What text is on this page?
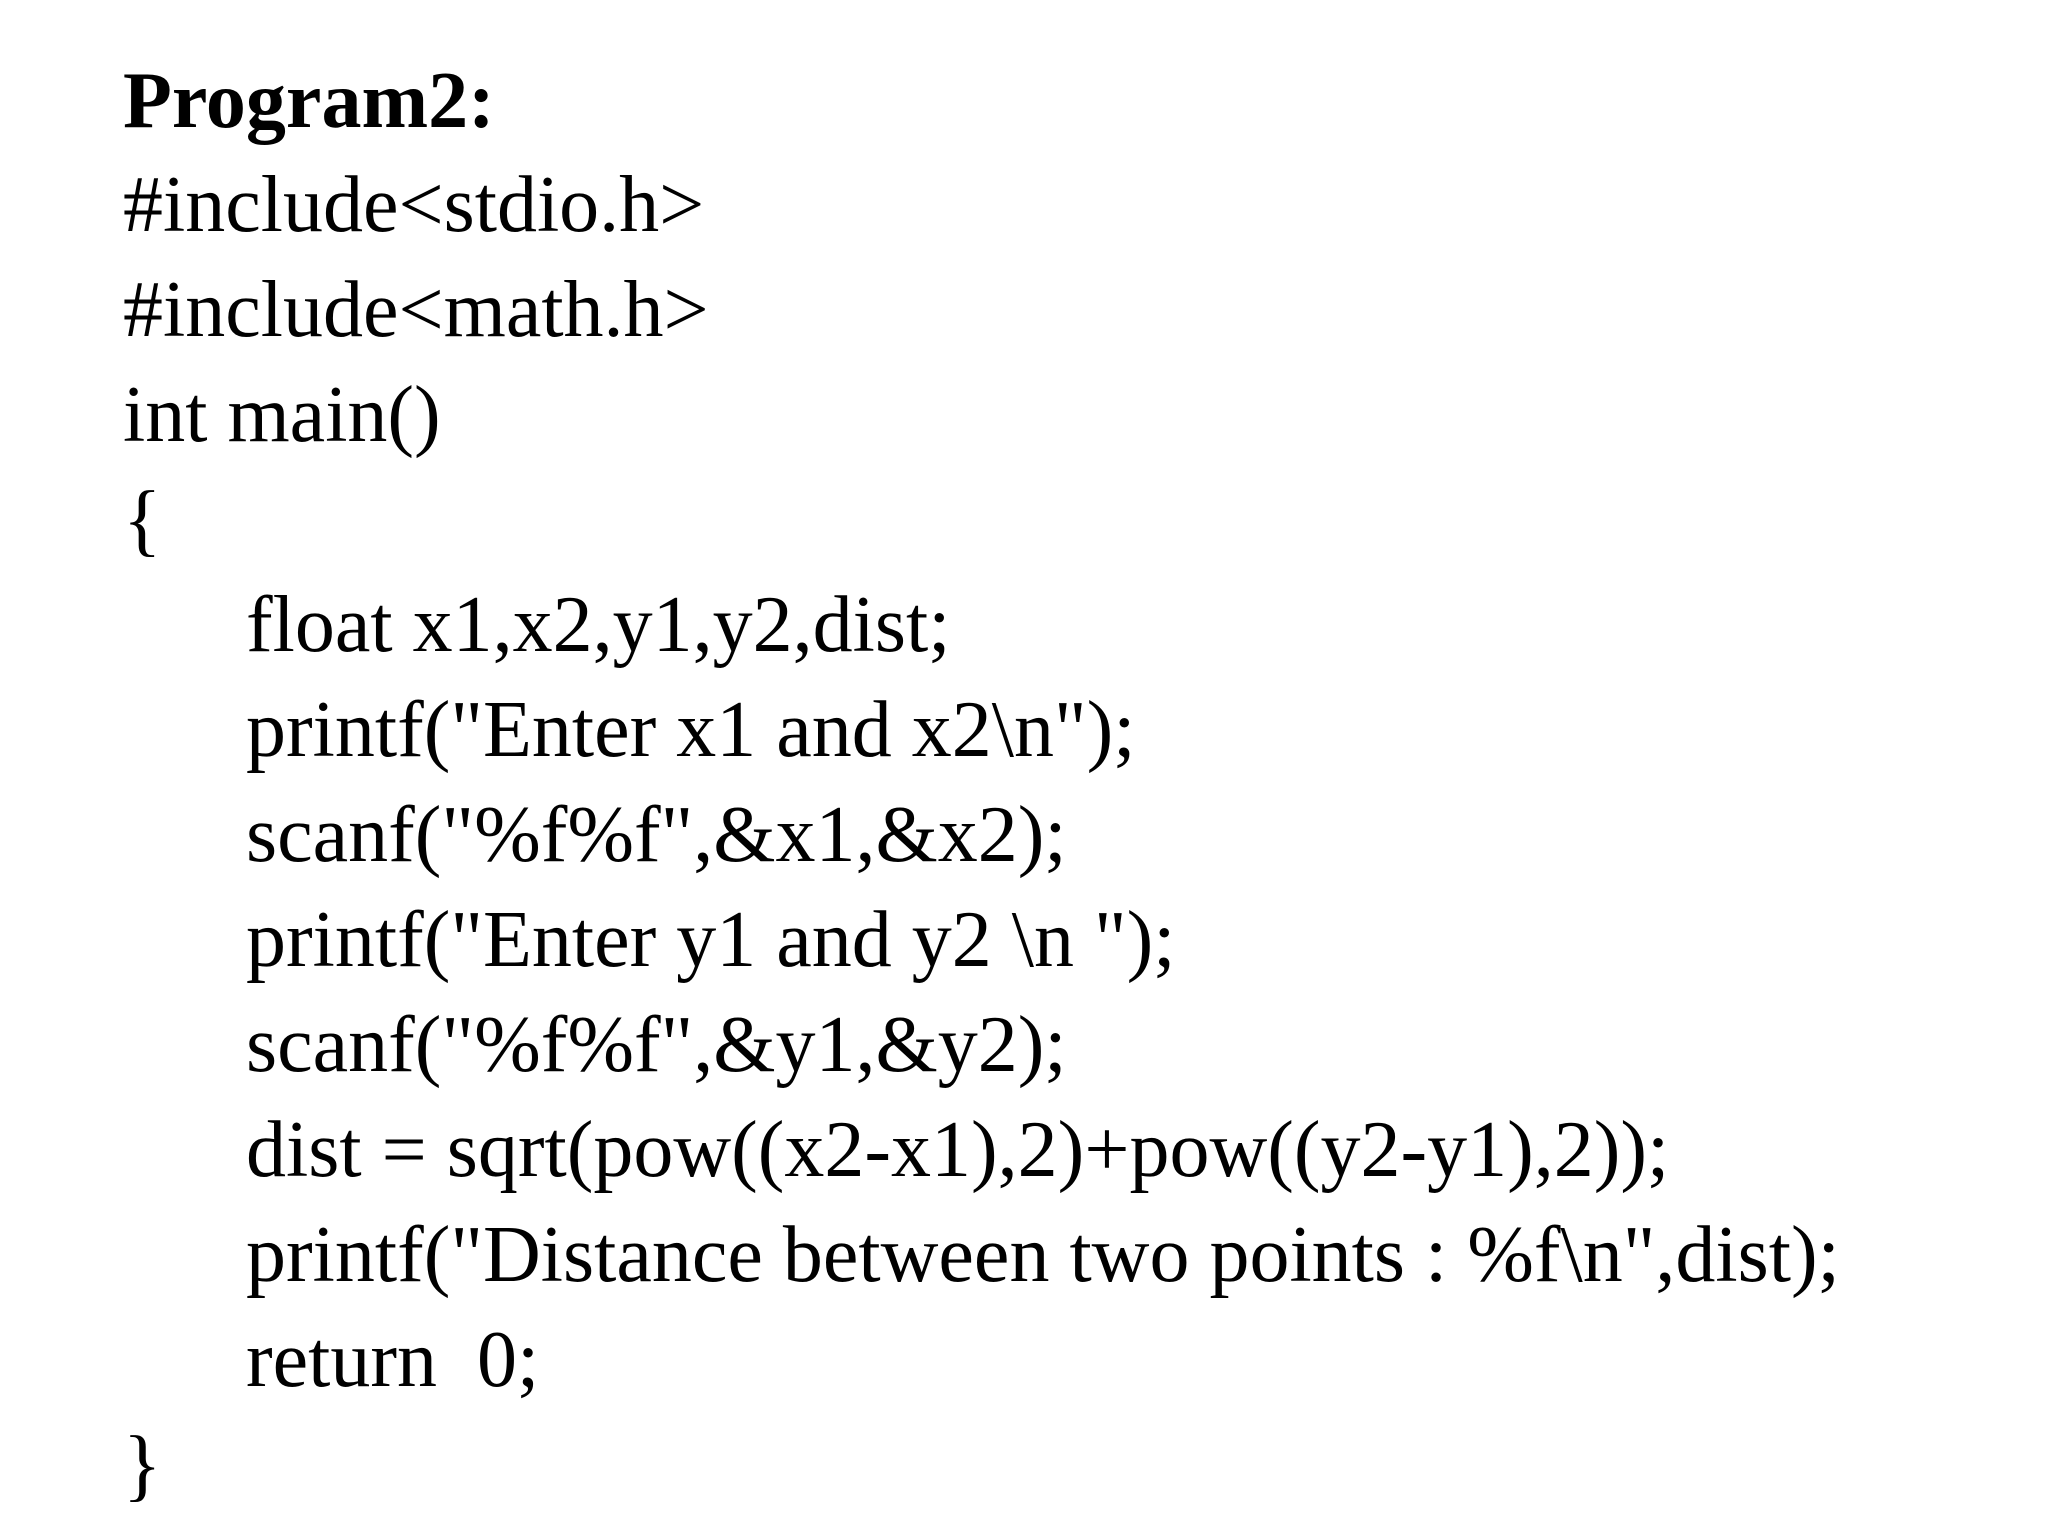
Program2:

#include<stdio.h>

#include<math.h>

int main()

{

float x1,x2,y1,y2,dist;

printf("Enter x1 and x2\n");

scanf("%f%f",&x1,&x2);

printf("Enter y1 and y2 \n ");

scanf("%f%f",&y1,&y2);

dist = sqrt(pow((x2-x1),2)+pow((y2-y1),2));

printf("Distance between two points : %f\n",dist);

return  0;

}
